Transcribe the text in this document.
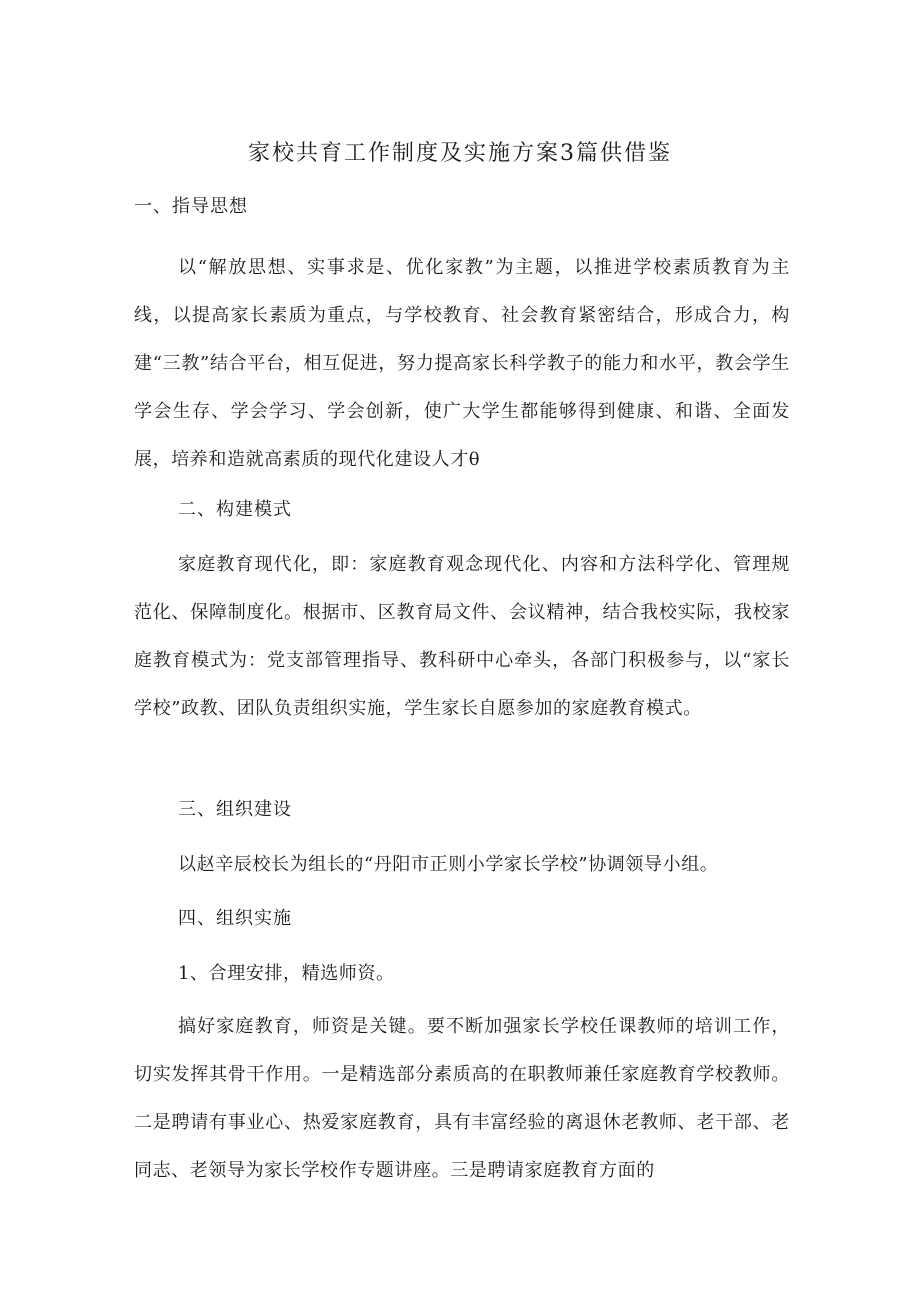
家校共育工作制度及实施方案3篇供借鉴
一、指导思想
以“解放思想、实事求是、优化家教”为主题，以推进学校素质教育为主线，以提高家长素质为重点，与学校教育、社会教育紧密结合，形成合力，构建“三教”结合平台，相互促进，努力提高家长科学教子的能力和水平，教会学生学会生存、学会学习、学会创新，使广大学生都能够得到健康、和谐、全面发展，培养和造就高素质的现代化建设人才θ
二、构建模式
家庭教育现代化，即：家庭教育观念现代化、内容和方法科学化、管理规范化、保障制度化。根据市、区教育局文件、会议精神，结合我校实际，我校家庭教育模式为：党支部管理指导、教科研中心牵头，各部门积极参与，以“家长学校”政教、团队负责组织实施，学生家长自愿参加的家庭教育模式。
三、组织建设
以赵辛辰校长为组长的“丹阳市正则小学家长学校”协调领导小组。
四、组织实施
1、合理安排，精选师资。
搞好家庭教育，师资是关键。要不断加强家长学校任课教师的培训工作，切实发挥其骨干作用。一是精选部分素质高的在职教师兼任家庭教育学校教师。二是聘请有事业心、热爱家庭教育，具有丰富经验的离退休老教师、老干部、老同志、老领导为家长学校作专题讲座。三是聘请家庭教育方面的
